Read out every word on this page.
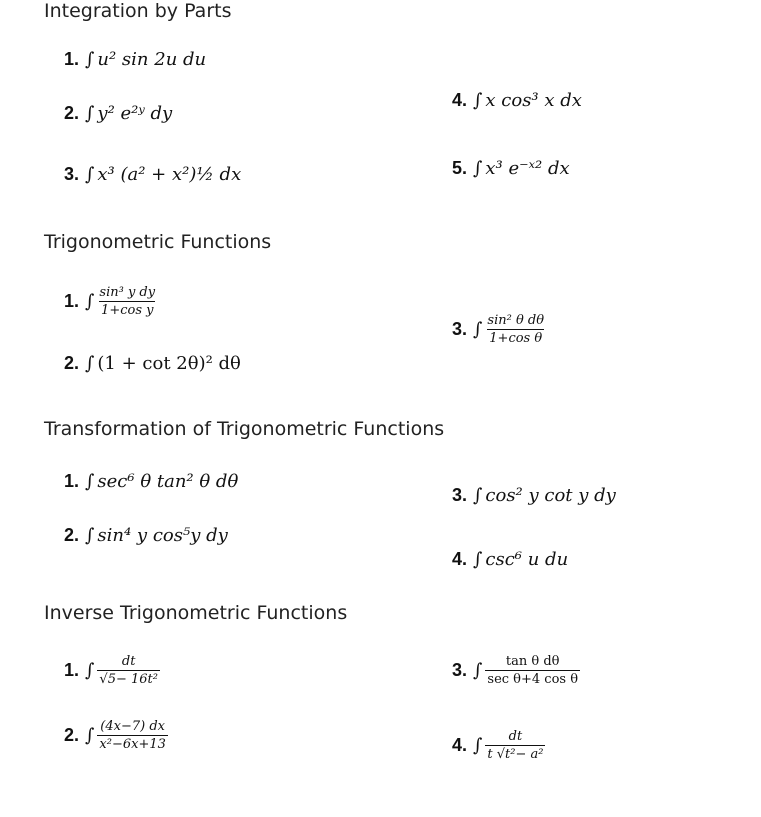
Integration by Parts
1. ∫ u² sin 2u du
2. ∫ y² e²ʸ dy
3. ∫ x³ (a² + x²)½ dx
4. ∫ x cos³ x dx
5. ∫ x³ e⁻ˣ² dx
Trigonometric Functions
1. ∫ $\frac{\text{sin³ y dy}}{\text{1+cos y}}$
2. ∫ (1 + cot 2θ)² dθ
3. ∫ $\frac{\text{sin² θ dθ}}{\text{1+cos θ}}$
Transformation of Trigonometric Functions
1. ∫ sec⁶ θ tan² θ dθ
2. ∫ sin⁴ y cos⁵y dy
3. ∫ cos² y cot y dy
4. ∫ csc⁶ u du
Inverse Trigonometric Functions
1. ∫ $\frac{dt}{\text{√5− 16t²}}$
2. ∫ $\frac{(4x-7) dx}{\text{x²−6x+13}}$
3. ∫ $\frac{\text{tan θ dθ}}{\text{sec θ+4 cos θ}}$
4. ∫ $\frac{dt}{\text{t √t²− a²}}$
